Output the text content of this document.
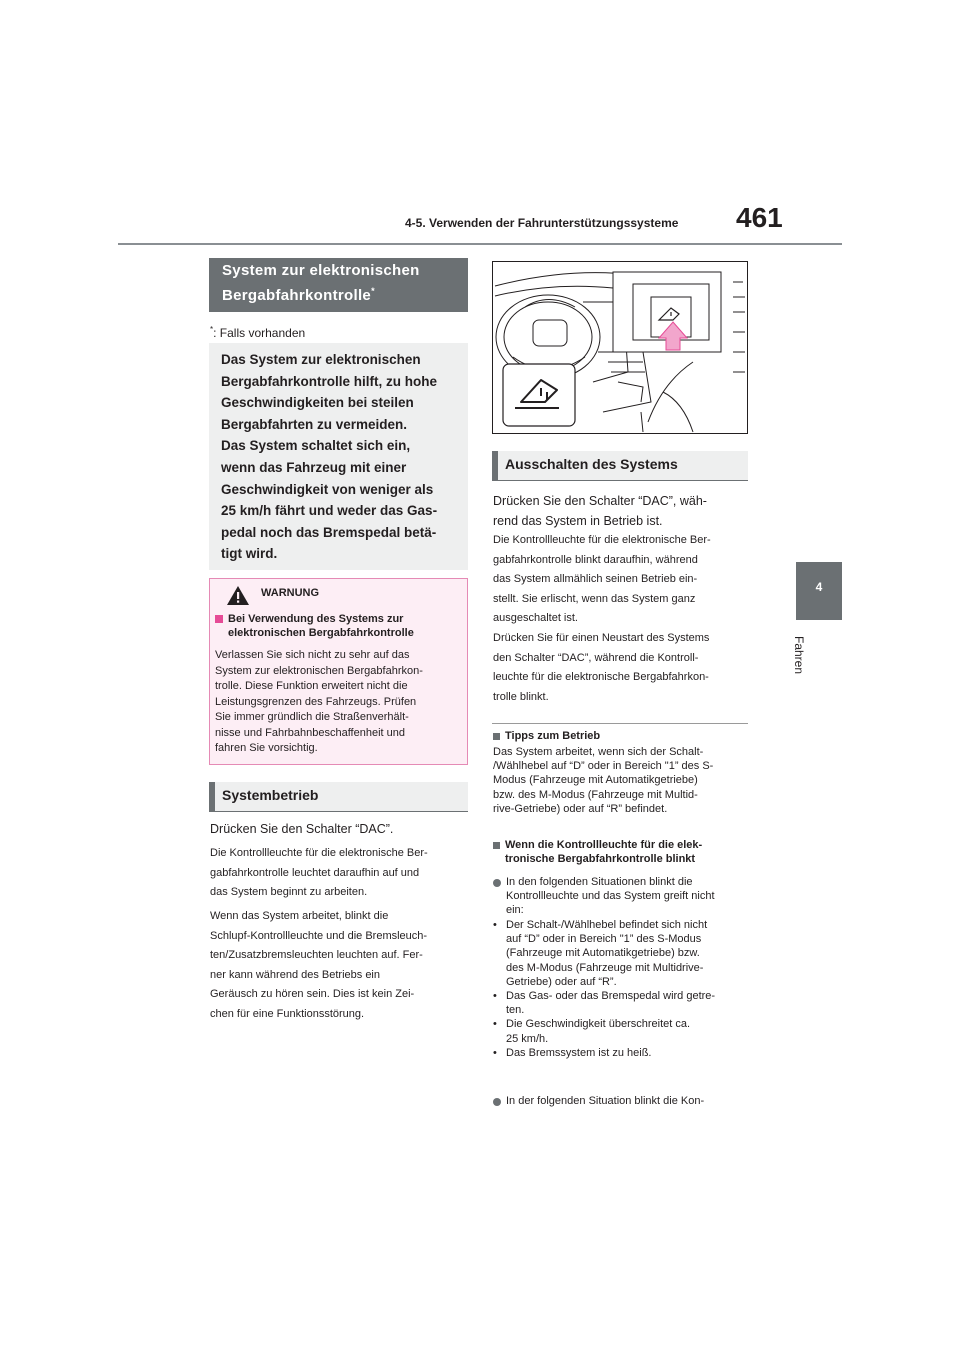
4-5. Verwenden der Fahrunterstützungssysteme	461
4
Fahren
System zur elektronischen
Bergabfahrkontrolle*
*: Falls vorhanden
Das System zur elektronischen
Bergabfahrkontrolle hilft, zu hohe
Geschwindigkeiten bei steilen
Bergabfahrten zu vermeiden.
Das System schaltet sich ein,
wenn das Fahrzeug mit einer
Geschwindigkeit von weniger als
25 km/h fährt und weder das Gas-
pedal noch das Bremspedal betä-
tigt wird.
WARNUNG
Bei Verwendung des Systems zur elektronischen Bergabfahrkontrolle
Verlassen Sie sich nicht zu sehr auf das
System zur elektronischen Bergabfahrkon-
trolle. Diese Funktion erweitert nicht die
Leistungsgrenzen des Fahrzeugs. Prüfen
Sie immer gründlich die Straßenverhält-
nisse und Fahrbahnbeschaffenheit und
fahren Sie vorsichtig.
Systembetrieb
Drücken Sie den Schalter “DAC”.
Die Kontrollleuchte für die elektronische Ber-
gabfahrkontrolle leuchtet daraufhin auf und
das System beginnt zu arbeiten.
Wenn das System arbeitet, blinkt die
Schlupf-Kontrollleuchte und die Bremsleuch-
ten/Zusatzbremsleuchten leuchten auf. Fer-
ner kann während des Betriebs ein
Geräusch zu hören sein. Dies ist kein Zei-
chen für eine Funktionsstörung.
Ausschalten des Systems
Drücken Sie den Schalter “DAC”, wäh-
rend das System in Betrieb ist.
Die Kontrollleuchte für die elektronische Ber-
gabfahrkontrolle blinkt daraufhin, während
das System allmählich seinen Betrieb ein-
stellt. Sie erlischt, wenn das System ganz
ausgeschaltet ist.
Drücken Sie für einen Neustart des Systems
den Schalter “DAC”, während die Kontroll-
leuchte für die elektronische Bergabfahrkon-
trolle blinkt.
Tipps zum Betrieb
Das System arbeitet, wenn sich der Schalt-
/Wählhebel auf “D” oder in Bereich "1” des S-
Modus (Fahrzeuge mit Automatikgetriebe)
bzw. des M-Modus (Fahrzeuge mit Multid-
rive-Getriebe) oder auf “R” befindet.
Wenn die Kontrollleuchte für die elek-
tronische Bergabfahrkontrolle blinkt
In den folgenden Situationen blinkt die
Kontrollleuchte und das System greift nicht
ein:
• Der Schalt-/Wählhebel befindet sich nicht
auf “D” oder in Bereich "1” des S-Modus
(Fahrzeuge mit Automatikgetriebe) bzw.
des M-Modus (Fahrzeuge mit Multidrive-
Getriebe) oder auf “R”.
• Das Gas- oder das Bremspedal wird getre-
ten.
• Die Geschwindigkeit überschreitet ca.
25 km/h.
• Das Bremssystem ist zu heiß.
In der folgenden Situation blinkt die Kon-
